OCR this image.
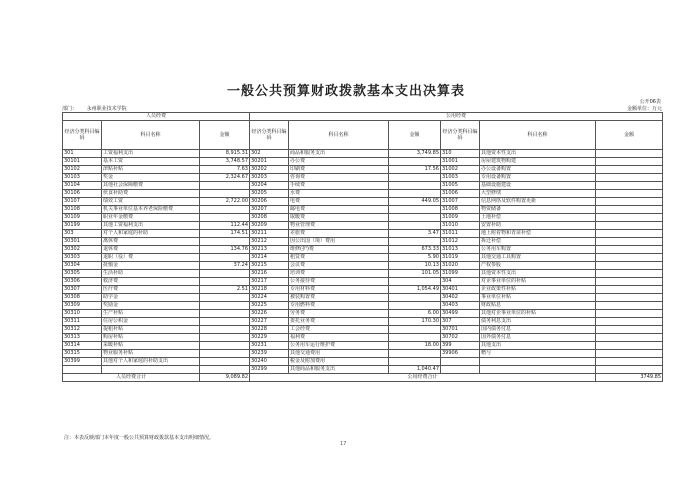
一般公共预算财政拨款基本支出决算表
公开06表
部门： 永州职业技术学院	金额单位：万元
人员经费			公用经费					
经济分类科目编码	科目名称	金额	经济分类科目编码	科目名称	金额	经济分类科目编码	科目名称	金额
301	工资福利支出	8,915.31	302	商品和服务支出	3,749.85	310	其他资本性支出	
30101	基本工资	3,748.57	30201	办公费		31001	房屋建筑物购建	
30102	津贴补贴	7.63	30202	印刷费	17.56	31002	办公设备购置	
30103	奖金	2,324.67	30203	咨询费		31003	专用设备购置	
30104	其他社会保障缴费		30204	手续费		31005	基础设施建设	
30106	伙食补助费		30205	水费		31006	大型修缮	
30107	绩效工资	2,722.00	30206	电费	449.05	31007	信息网络及软件购置更新	
30108	机关事业单位基本养老保险缴费		30207	邮电费		31008	物资储备	
30109	职业年金缴费		30208	取暖费		31009	土地补偿	
30199	其他工资福利支出	112.44	30209	物业管理费		31010	安置补助	
303	对个人和家庭的补助	174.51	30211	差旅费	3.47	31011	地上附着物和青苗补偿	
30301	离休费		30212	因公出国（境）费用		31012	拆迁补偿	
30302	退休费	134.76	30213	维修(护)费	673.33	31013	公务用车购置	
30303	退职（役）费		30214	租赁费	5.90	31019	其他交通工具购置	
30304	抚恤金	37.24	30215	会议费	10.13	31020	产权参股	
30305	生活补助		30216	培训费	101.05	31099	其他资本性支出	
30306	救济费		30217	公务接待费		304	对企事业单位的补贴	
30307	医疗费	2.51	30218	专用材料费	1,054.49	30401	企业政策性补贴	
30308	助学金		30224	被装购置费		30402	事业单位补贴	
30309	奖励金		30225	专用燃料费		30403	财政贴息	
30310	生产补贴		30226	劳务费	6.00	30499	其他对企事业单位的补贴	
30311	住房公积金		30227	委托业务费	170.30	307	债务利息支出	
30312	提租补贴		30228	工会经费		30701	国内债务付息	
30313	购房补贴		30229	福利费		30702	国外债务付息	
30314	采暖补贴		30231	公务用车运行维护费	18.00	399	其他支出	
30315	物业服务补贴		30239	其他交通费用		39906	赠与	
30399	其他对个人和家庭的补助支出		30240	税金及附加费用				
			30299	其他商品和服务支出	1,040.47			
人员经费合计		9,089.82	公用经费合计					3749.85
注：本表反映部门本年度一般公共预算财政拨款基本支出明细情况。
17
